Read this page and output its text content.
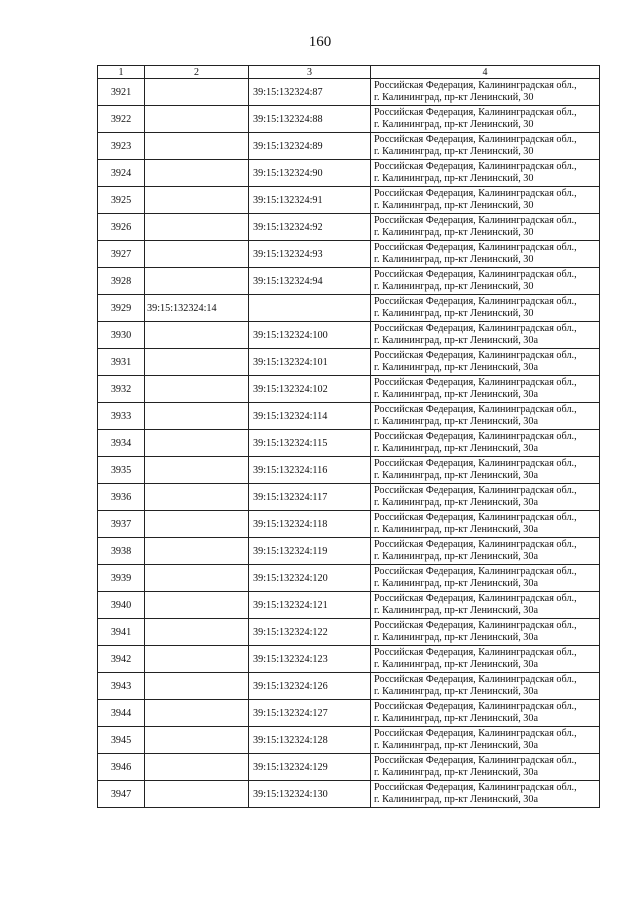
160
1	2	3	4
3921		39:15:132324:87	Российская Федерация, Калининградская обл.,
г. Калининград, пр-кт Ленинский, 30

3922		39:15:132324:88	Российская Федерация, Калининградская обл.,
г. Калининград, пр-кт Ленинский, 30

3923		39:15:132324:89	Российская Федерация, Калининградская обл.,
г. Калининград, пр-кт Ленинский, 30

3924		39:15:132324:90	Российская Федерация, Калининградская обл.,
г. Калининград, пр-кт Ленинский, 30

3925		39:15:132324:91	Российская Федерация, Калининградская обл.,
г. Калининград, пр-кт Ленинский, 30

3926		39:15:132324:92	Российская Федерация, Калининградская обл.,
г. Калининград, пр-кт Ленинский, 30

3927		39:15:132324:93	Российская Федерация, Калининградская обл.,
г. Калининград, пр-кт Ленинский, 30

3928		39:15:132324:94	Российская Федерация, Калининградская обл.,
г. Калининград, пр-кт Ленинский, 30

3929	39:15:132324:14		Российская Федерация, Калининградская обл.,
г. Калининград, пр-кт Ленинский, 30

3930		39:15:132324:100	Российская Федерация, Калининградская обл.,
г. Калининград, пр-кт Ленинский, 30а

3931		39:15:132324:101	Российская Федерация, Калининградская обл.,
г. Калининград, пр-кт Ленинский, 30а

3932		39:15:132324:102	Российская Федерация, Калининградская обл.,
г. Калининград, пр-кт Ленинский, 30а

3933		39:15:132324:114	Российская Федерация, Калининградская обл.,
г. Калининград, пр-кт Ленинский, 30а

3934		39:15:132324:115	Российская Федерация, Калининградская обл.,
г. Калининград, пр-кт Ленинский, 30а

3935		39:15:132324:116	Российская Федерация, Калининградская обл.,
г. Калининград, пр-кт Ленинский, 30а

3936		39:15:132324:117	Российская Федерация, Калининградская обл.,
г. Калининград, пр-кт Ленинский, 30а

3937		39:15:132324:118	Российская Федерация, Калининградская обл.,
г. Калининград, пр-кт Ленинский, 30а

3938		39:15:132324:119	Российская Федерация, Калининградская обл.,
г. Калининград, пр-кт Ленинский, 30а

3939		39:15:132324:120	Российская Федерация, Калининградская обл.,
г. Калининград, пр-кт Ленинский, 30а

3940		39:15:132324:121	Российская Федерация, Калининградская обл.,
г. Калининград, пр-кт Ленинский, 30а

3941		39:15:132324:122	Российская Федерация, Калининградская обл.,
г. Калининград, пр-кт Ленинский, 30а

3942		39:15:132324:123	Российская Федерация, Калининградская обл.,
г. Калининград, пр-кт Ленинский, 30а

3943		39:15:132324:126	Российская Федерация, Калининградская обл.,
г. Калининград, пр-кт Ленинский, 30а

3944		39:15:132324:127	Российская Федерация, Калининградская обл.,
г. Калининград, пр-кт Ленинский, 30а

3945		39:15:132324:128	Российская Федерация, Калининградская обл.,
г. Калининград, пр-кт Ленинский, 30а

3946		39:15:132324:129	Российская Федерация, Калининградская обл.,
г. Калининград, пр-кт Ленинский, 30а

3947		39:15:132324:130	Российская Федерация, Калининградская обл.,
г. Калининград, пр-кт Ленинский, 30а
